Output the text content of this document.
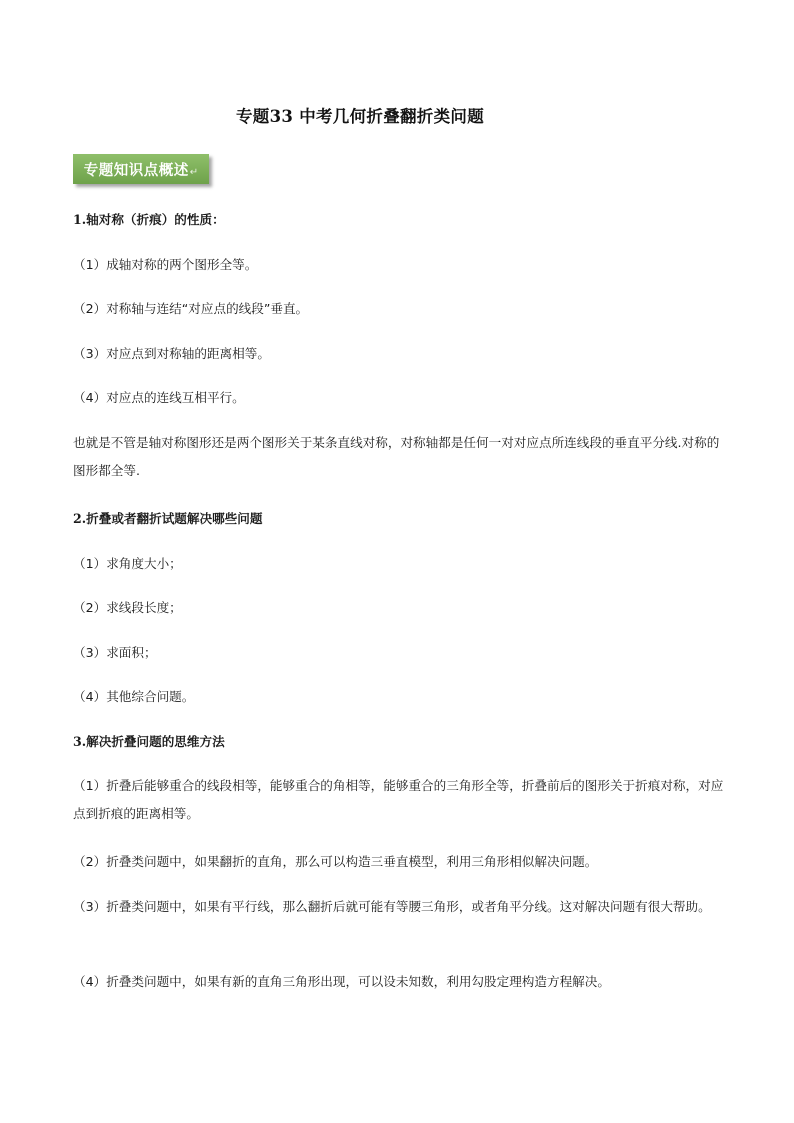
专题33 中考几何折叠翻折类问题
专题知识点概述 ↵
1.轴对称（折痕）的性质：
（1）成轴对称的两个图形全等。
（2）对称轴与连结“对应点的线段”垂直。
（3）对应点到对称轴的距离相等。
（4）对应点的连线互相平行。
也就是不管是轴对称图形还是两个图形关于某条直线对称，对称轴都是任何一对对应点所连线段的垂直平分线.对称的图形都全等.
2.折叠或者翻折试题解决哪些问题
（1）求角度大小；
（2）求线段长度；
（3）求面积；
（4）其他综合问题。
3.解决折叠问题的思维方法
（1）折叠后能够重合的线段相等，能够重合的角相等，能够重合的三角形全等，折叠前后的图形关于折痕对称，对应点到折痕的距离相等。
（2）折叠类问题中，如果翻折的直角，那么可以构造三垂直模型，利用三角形相似解决问题。
（3）折叠类问题中，如果有平行线，那么翻折后就可能有等腰三角形，或者角平分线。这对解决问题有很大帮助。
（4）折叠类问题中，如果有新的直角三角形出现，可以设未知数，利用勾股定理构造方程解决。
